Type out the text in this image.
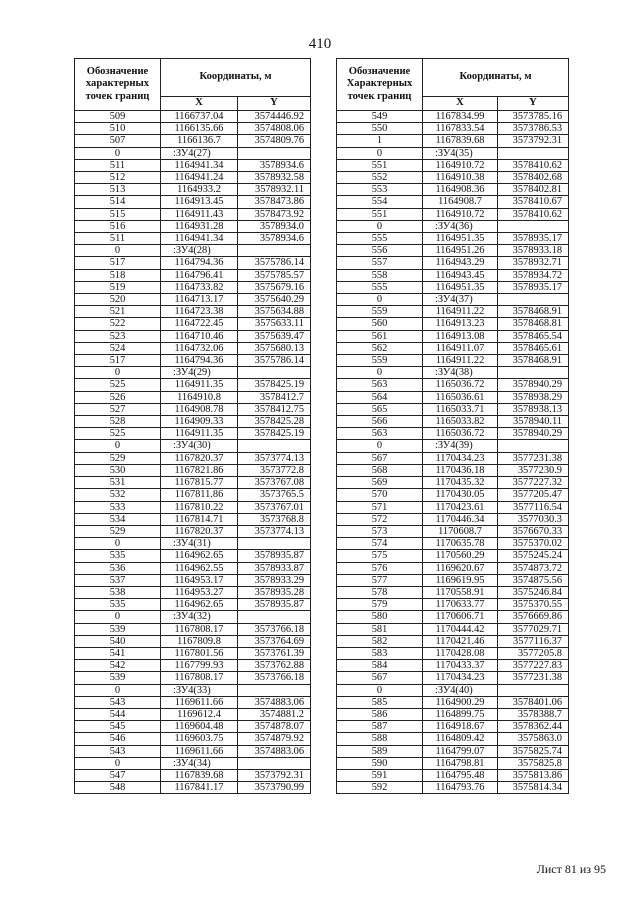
410
Обозначение характерных точек границ	Координаты, м	
	X	Y
509	1166737.04	3574446.92
510	1166135.66	3574808.06
507	1166136.7	3574809.76
0	:ЗУ4(27)	
511	1164941.34	3578934.6
512	1164941.24	3578932.58
513	1164933.2	3578932.11
514	1164913.45	3578473.86
515	1164911.43	3578473.92
516	1164931.28	3578934.0
511	1164941.34	3578934.6
0	:ЗУ4(28)	
517	1164794.36	3575786.14
518	1164796.41	3575785.57
519	1164733.82	3575679.16
520	1164713.17	3575640.29
521	1164723.38	3575634.88
522	1164722.45	3575633.11
523	1164710.46	3575639.47
524	1164732.06	3575680.13
517	1164794.36	3575786.14
0	:ЗУ4(29)	
525	1164911.35	3578425.19
526	1164910.8	3578412.7
527	1164908.78	3578412.75
528	1164909.33	3578425.28
525	1164911.35	3578425.19
0	:ЗУ4(30)	
529	1167820.37	3573774.13
530	1167821.86	3573772.8
531	1167815.77	3573767.08
532	1167811.86	3573765.5
533	1167810.22	3573767.01
534	1167814.71	3573768.8
529	1167820.37	3573774.13
0	:ЗУ4(31)	
535	1164962.65	3578935.87
536	1164962.55	3578933.87
537	1164953.17	3578933.29
538	1164953.27	3578935.28
535	1164962.65	3578935.87
0	:ЗУ4(32)	
539	1167808.17	3573766.18
540	1167809.8	3573764.69
541	1167801.56	3573761.39
542	1167799.93	3573762.88
539	1167808.17	3573766.18
0	:ЗУ4(33)	
543	1169611.66	3574883.06
544	1169612.4	3574881.2
545	1169604.48	3574878.07
546	1169603.75	3574879.92
543	1169611.66	3574883.06
0	:ЗУ4(34)	
547	1167839.68	3573792.31
548	1167841.17	3573790.99
Обозначение Характерных точек границ	Координаты, м	
	X	Y
549	1167834.99	3573785.16
550	1167833.54	3573786.53
1	1167839.68	3573792.31
0	:ЗУ4(35)	
551	1164910.72	3578410.62
552	1164910.38	3578402.68
553	1164908.36	3578402.81
554	1164908.7	3578410.67
551	1164910.72	3578410.62
0	:ЗУ4(36)	
555	1164951.35	3578935.17
556	1164951.26	3578933.18
557	1164943.29	3578932.71
558	1164943.45	3578934.72
555	1164951.35	3578935.17
0	:ЗУ4(37)	
559	1164911.22	3578468.91
560	1164913.23	3578468.81
561	1164913.08	3578465.54
562	1164911.07	3578465.61
559	1164911.22	3578468.91
0	:ЗУ4(38)	
563	1165036.72	3578940.29
564	1165036.61	3578938.29
565	1165033.71	3578938.13
566	1165033.82	3578940.11
563	1165036.72	3578940.29
0	:ЗУ4(39)	
567	1170434.23	3577231.38
568	1170436.18	3577230.9
569	1170435.32	3577227.32
570	1170430.05	3577205.47
571	1170423.61	3577116.54
572	1170446.34	3577030.3
573	1170608.7	3576670.33
574	1170635.78	3575370.02
575	1170560.29	3575245.24
576	1169620.67	3574873.72
577	1169619.95	3574875.56
578	1170558.91	3575246.84
579	1170633.77	3575370.55
580	1170606.71	3576669.86
581	1170444.42	3577029.71
582	1170421.46	3577116.37
583	1170428.08	3577205.8
584	1170433.37	3577227.83
567	1170434.23	3577231.38
0	:ЗУ4(40)	
585	1164900.29	3578401.06
586	1164899.75	3578388.7
587	1164918.67	3578362.44
588	1164809.42	3575863.0
589	1164799.07	3575825.74
590	1164798.81	3575825.8
591	1164795.48	3575813.86
592	1164793.76	3575814.34
Лист 81 из 95
